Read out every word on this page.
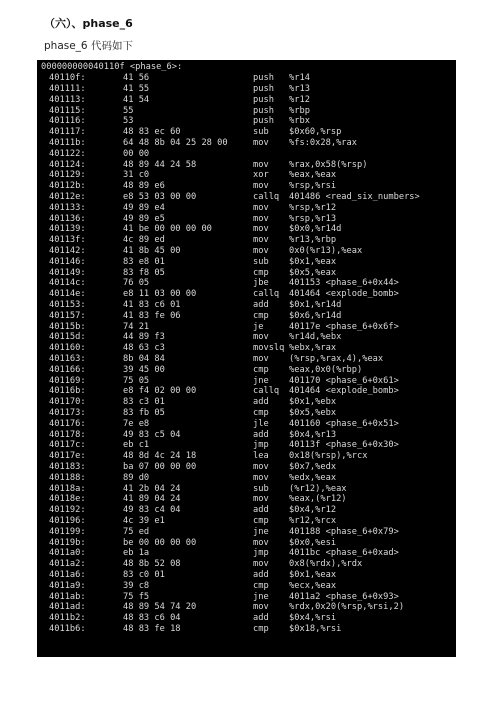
（六）、phase_6
phase_6 代码如下
000000000040110f <phase_6>:
40110f:	41 56	push %r14
401111:	41 55	push %r13
401113:	41 54	push %r12
401115:	55	push %rbp
401116:	53	push %rbx
401117:	48 83 ec 60	sub $0x60,%rsp
40111b:	64 48 8b 04 25 28 00	mov %fs:0x28,%rax
401122:	00 00
401124:	48 89 44 24 58	mov %rax,0x58(%rsp)
401129:	31 c0	xor %eax,%eax
40112b:	48 89 e6	mov %rsp,%rsi
40112e:	e8 53 03 00 00	callq 401486 <read_six_numbers>
401133:	49 89 e4	mov %rsp,%r12
401136:	49 89 e5	mov %rsp,%r13
401139:	41 be 00 00 00 00	mov $0x0,%r14d
40113f:	4c 89 ed	mov %r13,%rbp
401142:	41 8b 45 00	mov 0x0(%r13),%eax
401146:	83 e8 01	sub $0x1,%eax
401149:	83 f8 05	cmp $0x5,%eax
40114c:	76 05	jbe 401153 <phase_6+0x44>
40114e:	e8 11 03 00 00	callq 401464 <explode_bomb>
401153:	41 83 c6 01	add $0x1,%r14d
401157:	41 83 fe 06	cmp $0x6,%r14d
40115b:	74 21	je	40117e <phase_6+0x6f>
40115d:	44 89 f3	mov %r14d,%ebx
401160:	48 63 c3	movslq %ebx,%rax
401163:	8b 04 84	mov (%rsp,%rax,4),%eax
401166:	39 45 00	cmp %eax,0x0(%rbp)
401169:	75 05	jne 401170 <phase_6+0x61>
40116b:	e8 f4 02 00 00	callq 401464 <explode_bomb>
401170:	83 c3 01	add $0x1,%ebx
401173:	83 fb 05	cmp $0x5,%ebx
401176:	7e e8	jle 401160 <phase_6+0x51>
401178:	49 83 c5 04	add $0x4,%r13
40117c:	eb c1	jmp 40113f <phase_6+0x30>
40117e:	48 8d 4c 24 18	lea 0x18(%rsp),%rcx
401183:	ba 07 00 00 00	mov $0x7,%edx
401188:	89 d0	mov %edx,%eax
40118a:	41 2b 04 24	sub (%r12),%eax
40118e:	41 89 04 24	mov %eax,(%r12)
401192:	49 83 c4 04	add $0x4,%r12
401196:	4c 39 e1	cmp %r12,%rcx
401199:	75 ed	jne 401188 <phase_6+0x79>
40119b:	be 00 00 00 00	mov $0x0,%esi
4011a0:	eb 1a	jmp 4011bc <phase_6+0xad>
4011a2:	48 8b 52 08	mov 0x8(%rdx),%rdx
4011a6:	83 c0 01	add $0x1,%eax
4011a9:	39 c8	cmp %ecx,%eax
4011ab:	75 f5	jne 4011a2 <phase_6+0x93>
4011ad:	48 89 54 74 20	mov %rdx,0x20(%rsp,%rsi,2)
4011b2:	48 83 c6 04	add $0x4,%rsi
4011b6:	48 83 fe 18	cmp $0x18,%rsi
